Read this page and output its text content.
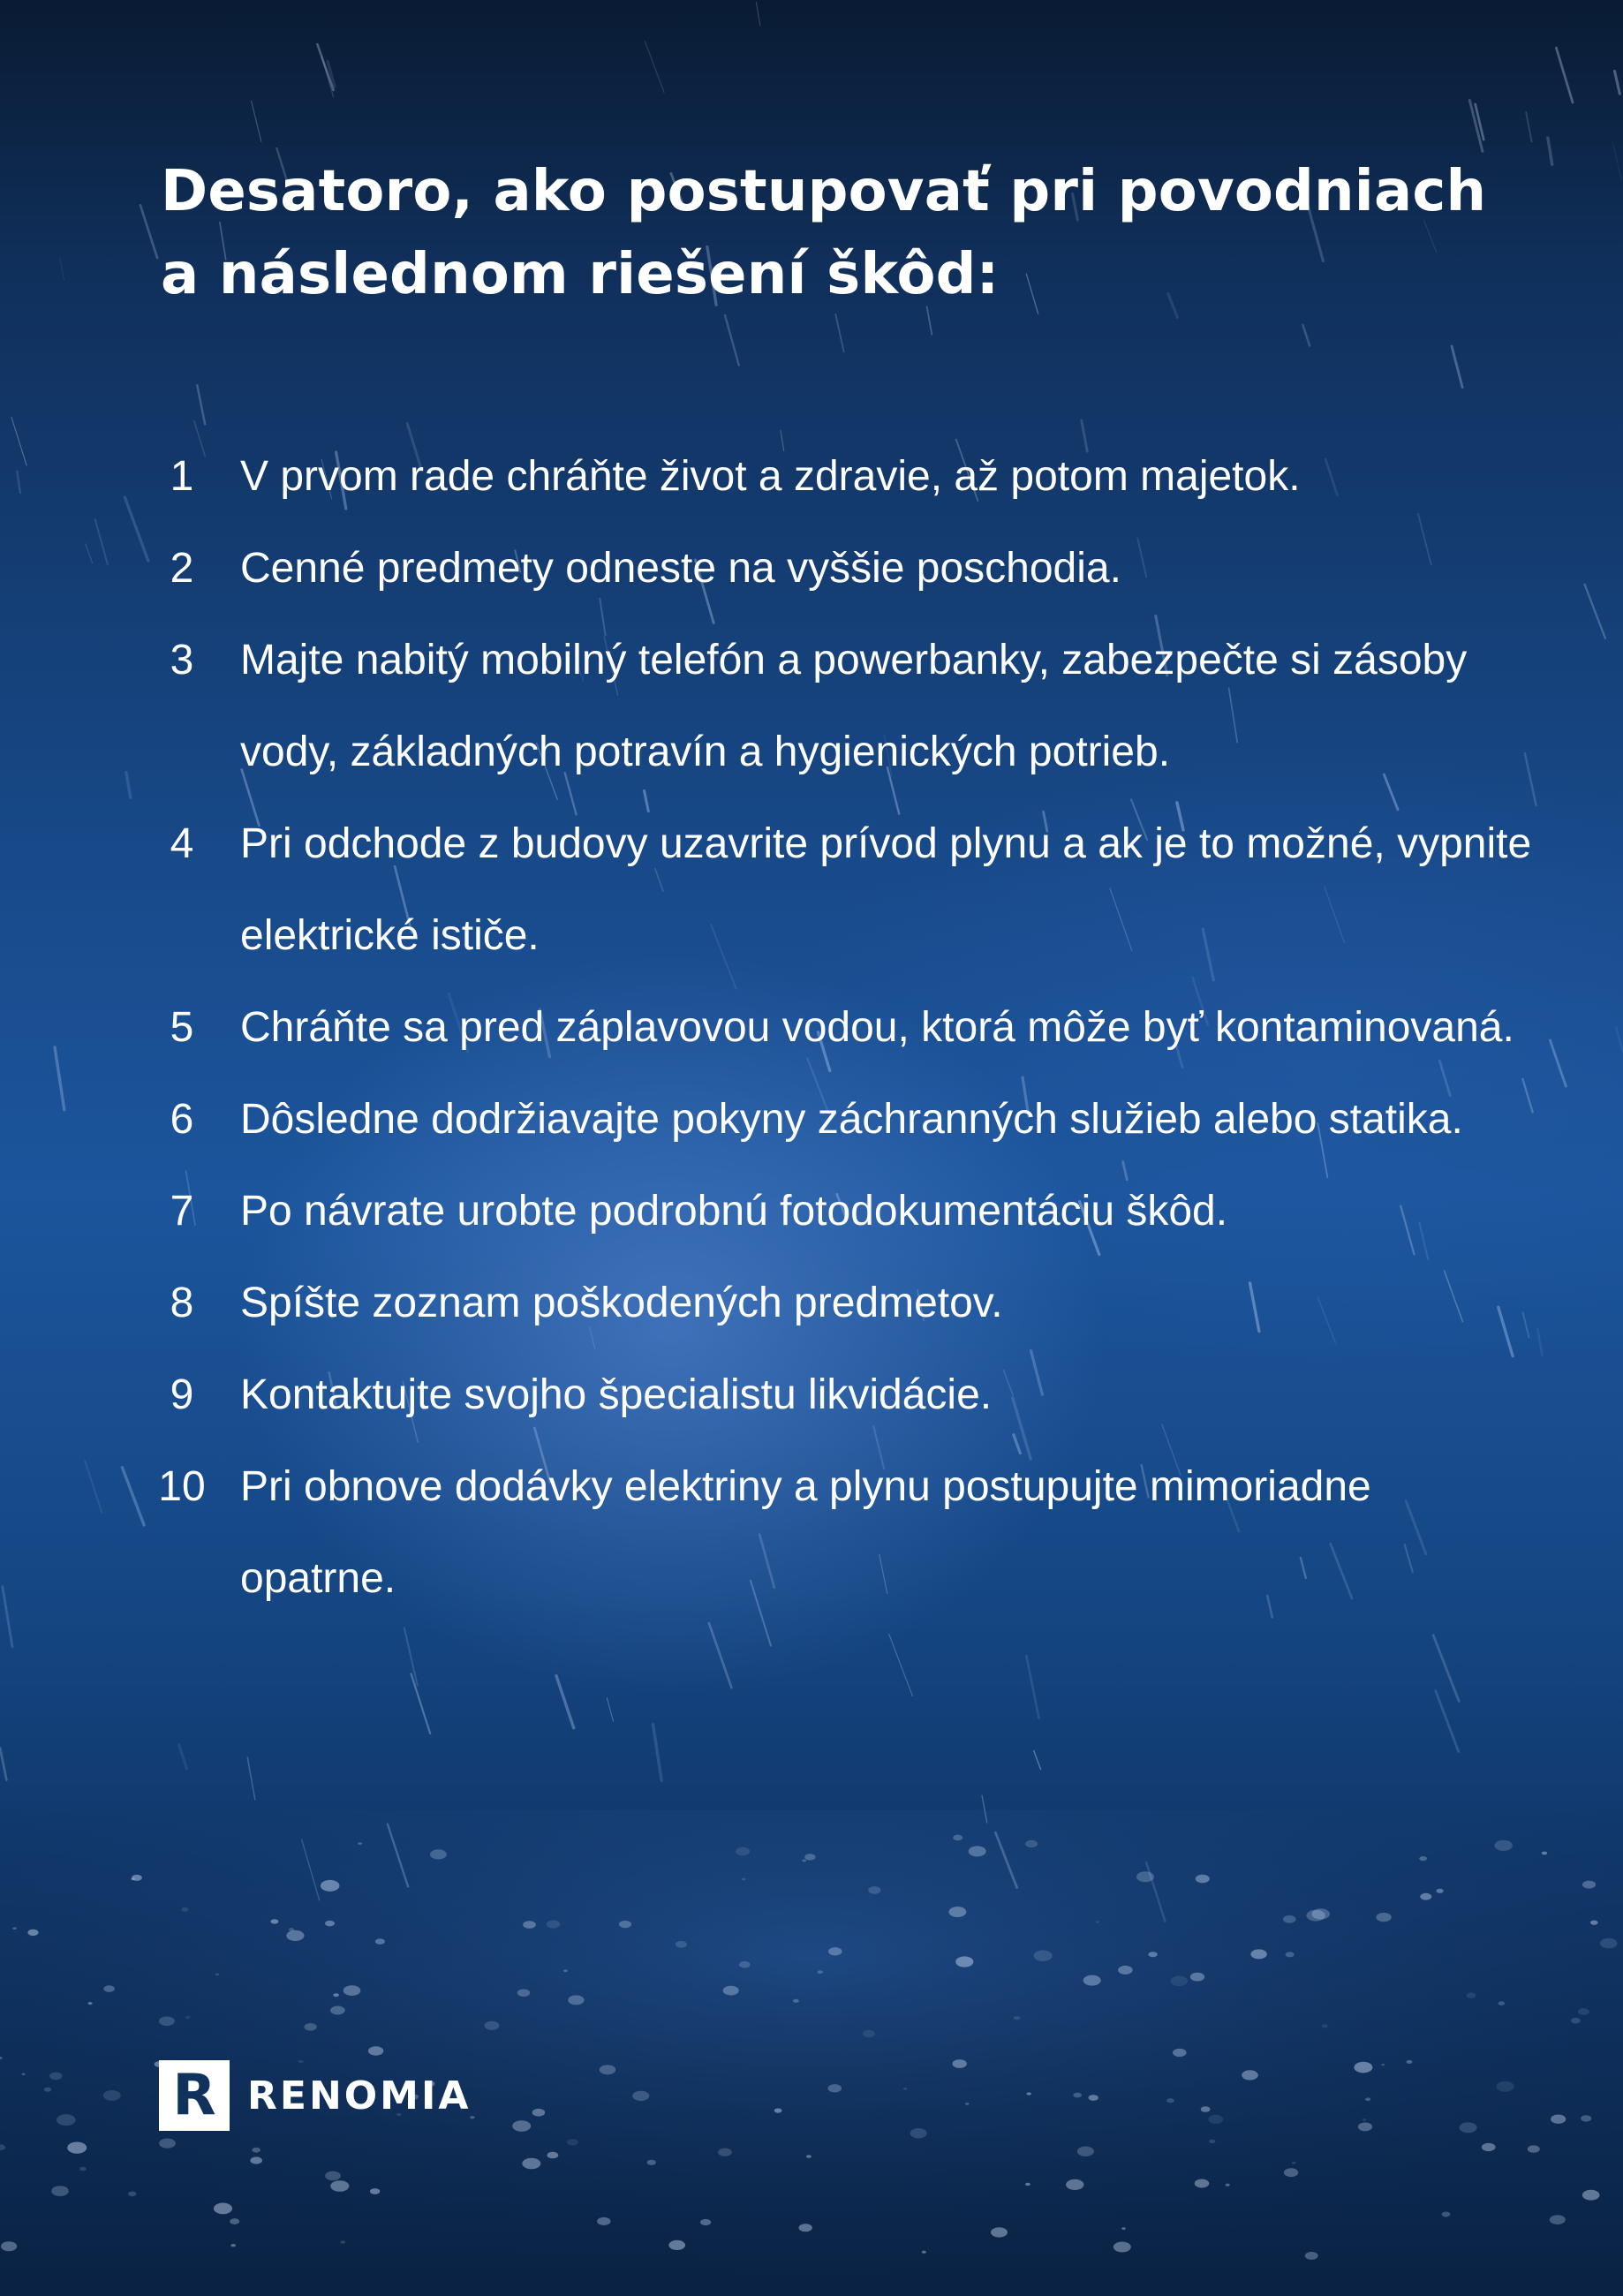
Desatoro, ako postupovať pri povodniach
a následnom riešení škôd:
1	V prvom rade chráňte život a zdravie, až potom majetok.
2	Cenné predmety odneste na vyššie poschodia.
3	Majte nabitý mobilný telefón a powerbanky, zabezpečte si zásoby vody, základných potravín a hygienických potrieb.
4	Pri odchode z budovy uzavrite prívod plynu a ak je to možné, vypnite elektrické ističe.
5	Chráňte sa pred záplavovou vodou, ktorá môže byť kontaminovaná.
6	Dôsledne dodržiavajte pokyny záchranných služieb alebo statika.
7	Po návrate urobte podrobnú fotodokumentáciu škôd.
8	Spíšte zoznam poškodených predmetov.
9	Kontaktujte svojho špecialistu likvidácie.
10 Pri obnove dodávky elektriny a plynu postupujte mimoriadne opatrne.
R RENOMIA
